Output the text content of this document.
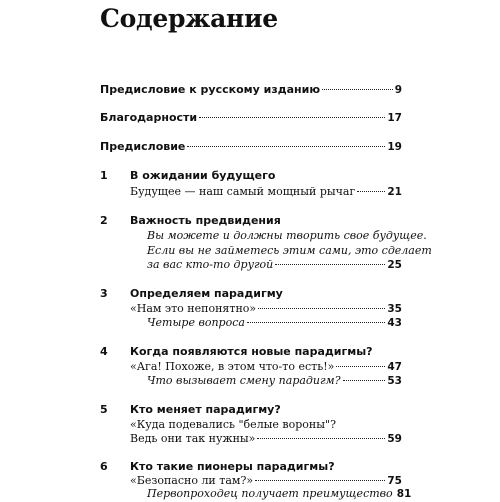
Содержание
Предисловие к русскому изданию	9
Благодарности	17
Предисловие	19
1	В ожидании будущего
Будущее — наш самый мощный рычаг	21
2	Важность предвидения
Вы можете и должны творить свое будущее.
Если вы не займетесь этим сами, это сделает
за вас кто-то другой	25
3	Определяем парадигму
«Нам это непонятно»	35
Четыре вопроса	43
4	Когда появляются новые парадигмы?
«Ага! Похоже, в этом что-то есть!»	47
Что вызывает смену парадигм?	53
5	Кто меняет парадигму?
«Куда подевались "белые вороны"?
Ведь они так нужны»	59
6	Кто такие пионеры парадигмы?
«Безопасно ли там?»	75
Первопроходец получает преимущество 81
